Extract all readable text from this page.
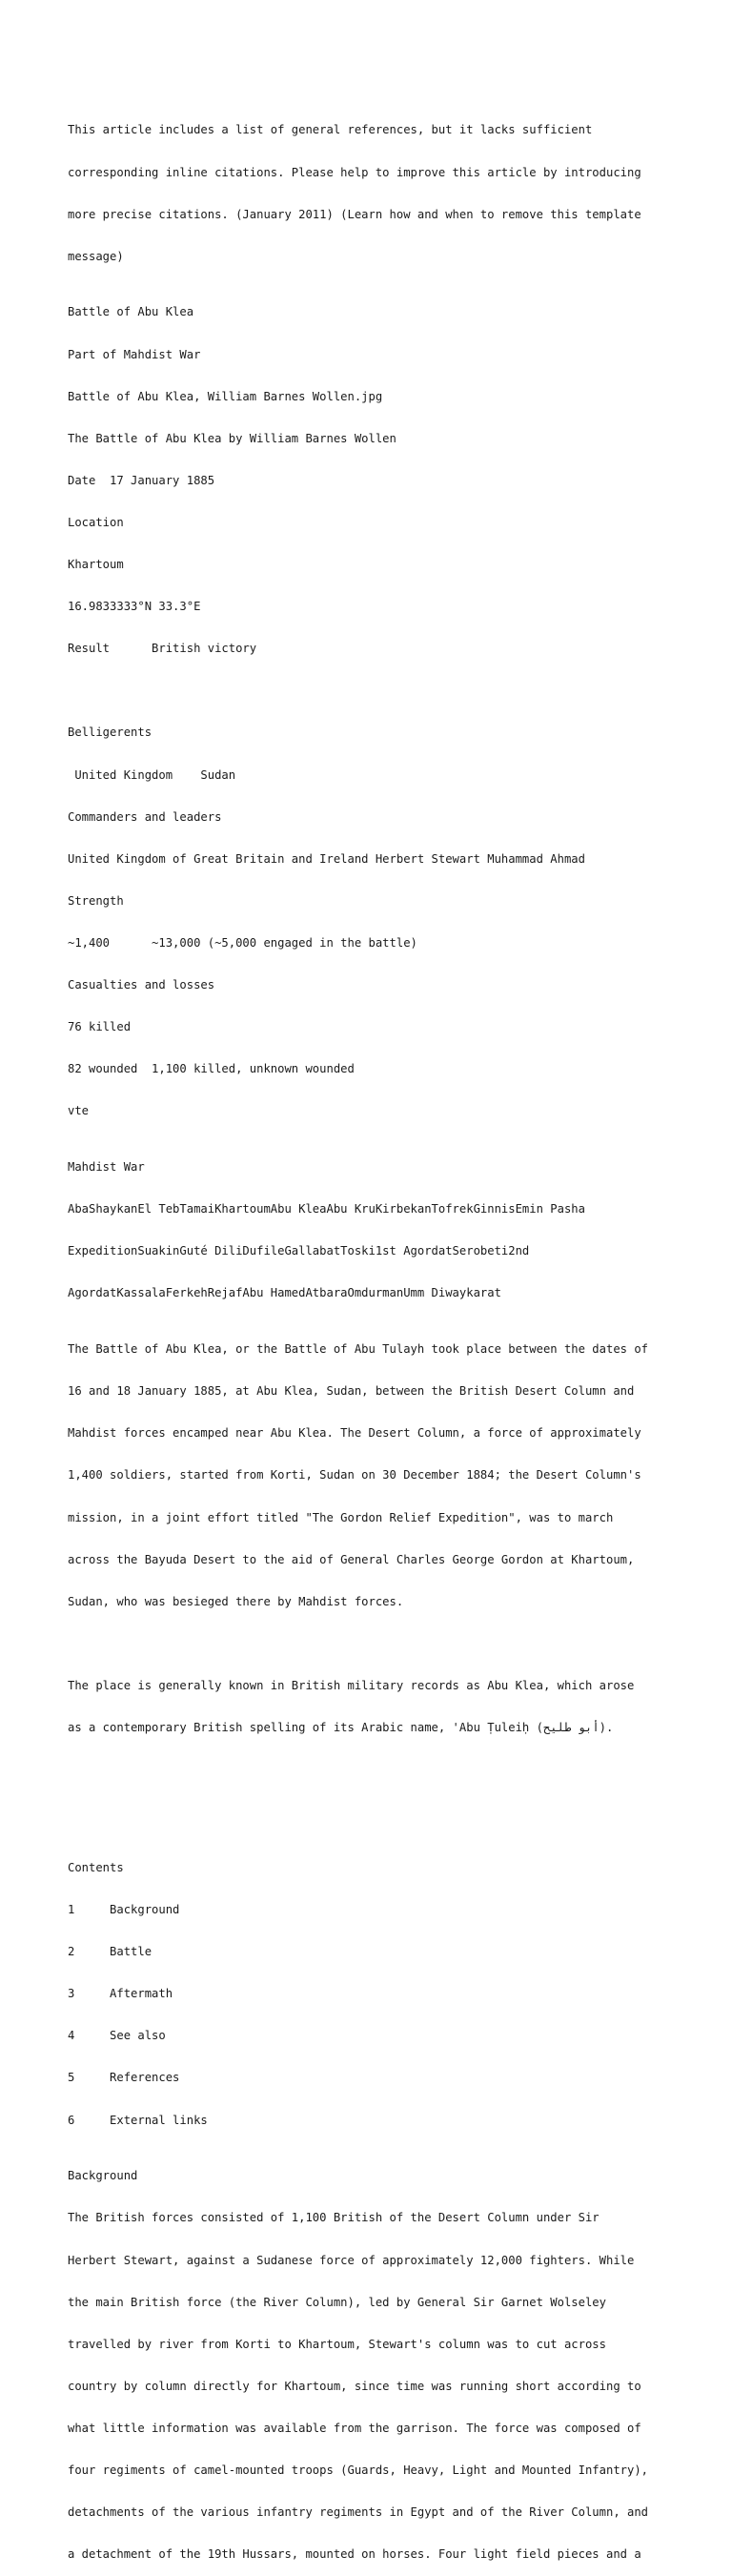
This article includes a list of general references, but it lacks sufficient

corresponding inline citations. Please help to improve this article by introducing

more precise citations. (January 2011) (Learn how and when to remove this template

message)

Battle of Abu Klea

Part of Mahdist War

Battle of Abu Klea, William Barnes Wollen.jpg

The Battle of Abu Klea by William Barnes Wollen

Date  17 January 1885

Location

Khartoum

16.9833333°N 33.3°E

Result      British victory

Belligerents

United Kingdom    Sudan

Commanders and leaders

United Kingdom of Great Britain and Ireland Herbert Stewart Muhammad Ahmad

Strength

~1,400      ~13,000 (~5,000 engaged in the battle)

Casualties and losses

76 killed

82 wounded  1,100 killed, unknown wounded

vte

Mahdist War

AbaShaykanEl TebTamaiKhartoumAbu KleaAbu KruKirbekanTofrekGinnisEmin Pasha

ExpeditionSuakinGuté DiliDufileGallabatToski1st AgordatSerobeti2nd

AgordatKassalaFerkehRejafAbu HamedAtbaraOmdurmanUmm Diwaykarat

The Battle of Abu Klea, or the Battle of Abu Tulayh took place between the dates of

16 and 18 January 1885, at Abu Klea, Sudan, between the British Desert Column and

Mahdist forces encamped near Abu Klea. The Desert Column, a force of approximately

1,400 soldiers, started from Korti, Sudan on 30 December 1884; the Desert Column's

mission, in a joint effort titled "The Gordon Relief Expedition", was to march

across the Bayuda Desert to the aid of General Charles George Gordon at Khartoum,

Sudan, who was besieged there by Mahdist forces.

The place is generally known in British military records as Abu Klea, which arose

as a contemporary British spelling of its Arabic name, 'Abu Ṭuleiḥ (أبو طليح).

Contents

1     Background

2     Battle

3     Aftermath

4     See also

5     References

6     External links

Background

The British forces consisted of 1,100 British of the Desert Column under Sir

Herbert Stewart, against a Sudanese force of approximately 12,000 fighters. While

the main British force (the River Column), led by General Sir Garnet Wolseley

travelled by river from Korti to Khartoum, Stewart's column was to cut across

country by column directly for Khartoum, since time was running short according to

what little information was available from the garrison. The force was composed of

four regiments of camel-mounted troops (Guards, Heavy, Light and Mounted Infantry),

detachments of the various infantry regiments in Egypt and of the River Column, and

a detachment of the 19th Hussars, mounted on horses. Four light field pieces and a
